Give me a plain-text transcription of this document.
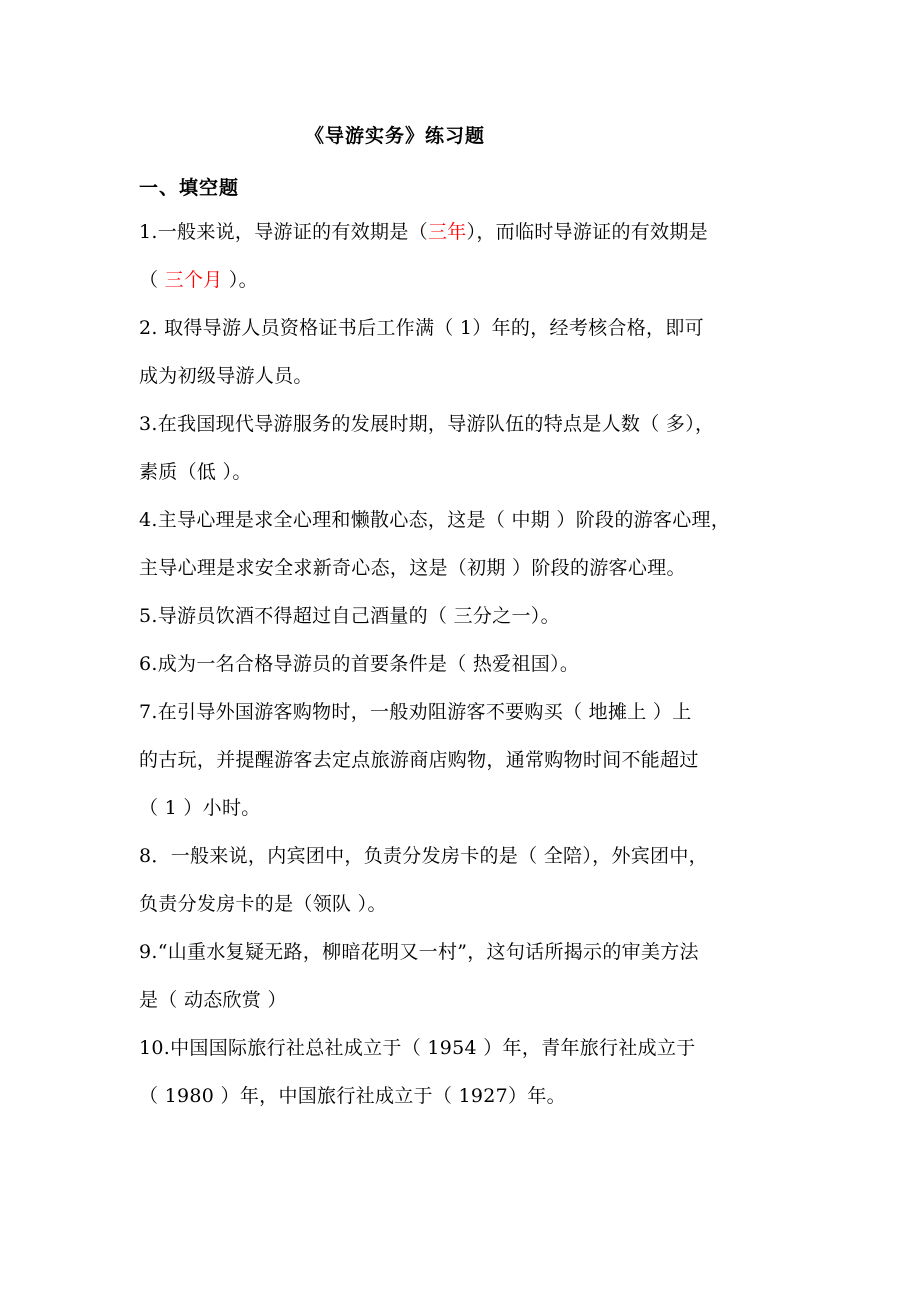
《导游实务》练习题
一、填空题
1.一般来说，导游证的有效期是（三年），而临时导游证的有效期是
（ 三个月 ）。
2. 取得导游人员资格证书后工作满（ 1）年的，经考核合格，即可
成为初级导游人员。
3.在我国现代导游服务的发展时期，导游队伍的特点是人数（ 多），
素质（低 ）。
4.主导心理是求全心理和懒散心态，这是（ 中期 ）阶段的游客心理，
主导心理是求安全求新奇心态，这是（初期 ）阶段的游客心理。
5.导游员饮酒不得超过自己酒量的（ 三分之一）。
6.成为一名合格导游员的首要条件是（ 热爱祖国）。
7.在引导外国游客购物时，一般劝阻游客不要购买（ 地摊上 ）上
的古玩，并提醒游客去定点旅游商店购物，通常购物时间不能超过
（ 1 ）小时。
8．一般来说，内宾团中，负责分发房卡的是（ 全陪），外宾团中，
负责分发房卡的是（领队 ）。
9.“山重水复疑无路，柳暗花明又一村”，这句话所揭示的审美方法
是（ 动态欣赏 ）
10.中国国际旅行社总社成立于（ 1954 ）年，青年旅行社成立于
（ 1980 ）年，中国旅行社成立于（ 1927）年。
